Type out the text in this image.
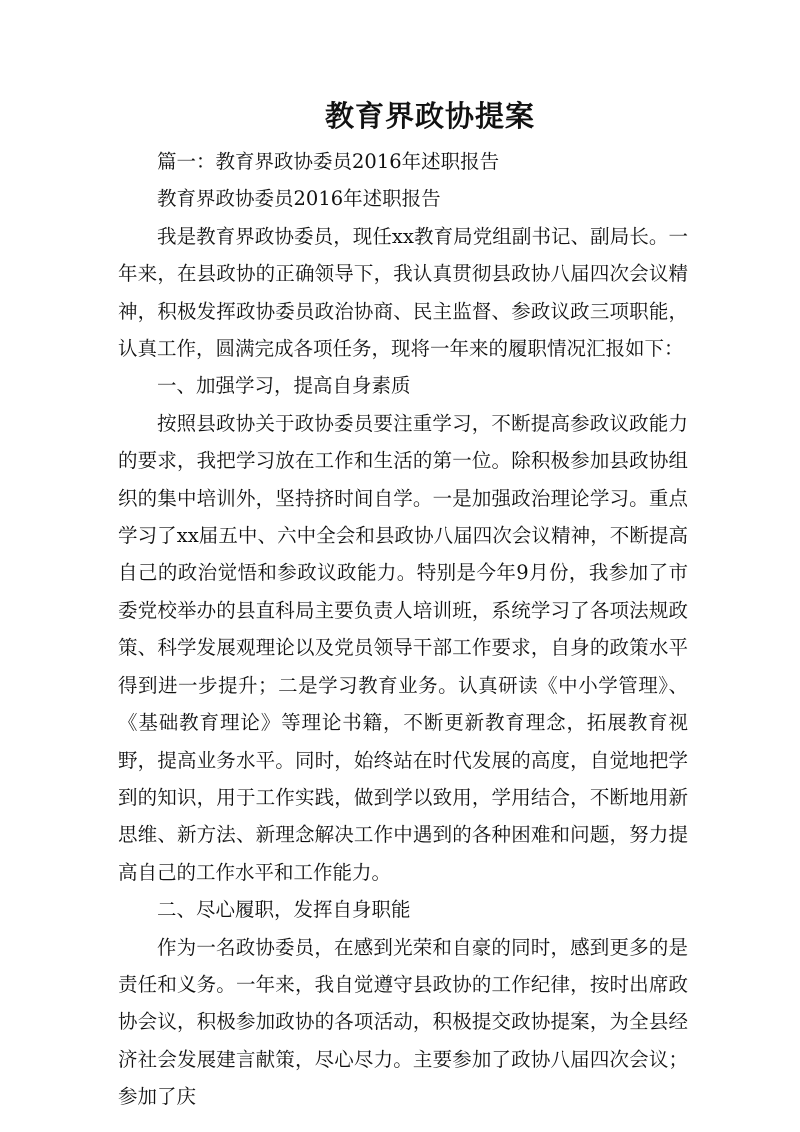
教育界政协提案

篇一：教育界政协委员2016年述职报告

教育界政协委员2016年述职报告

我是教育界政协委员，现任xx教育局党组副书记、副局长。一年来，在县政协的正确领导下，我认真贯彻县政协八届四次会议精神，积极发挥政协委员政治协商、民主监督、参政议政三项职能，认真工作，圆满完成各项任务，现将一年来的履职情况汇报如下：

一、加强学习，提高自身素质

按照县政协关于政协委员要注重学习，不断提高参政议政能力的要求，我把学习放在工作和生活的第一位。除积极参加县政协组织的集中培训外，坚持挤时间自学。一是加强政治理论学习。重点学习了xx届五中、六中全会和县政协八届四次会议精神，不断提高自己的政治觉悟和参政议政能力。特别是今年9月份，我参加了市委党校举办的县直科局主要负责人培训班，系统学习了各项法规政策、科学发展观理论以及党员领导干部工作要求，自身的政策水平得到进一步提升；二是学习教育业务。认真研读《中小学管理》、《基础教育理论》等理论书籍，不断更新教育理念，拓展教育视野，提高业务水平。同时，始终站在时代发展的高度，自觉地把学到的知识，用于工作实践，做到学以致用，学用结合，不断地用新思维、新方法、新理念解决工作中遇到的各种困难和问题，努力提高自己的工作水平和工作能力。

二、尽心履职，发挥自身职能

作为一名政协委员，在感到光荣和自豪的同时，感到更多的是责任和义务。一年来，我自觉遵守县政协的工作纪律，按时出席政协会议，积极参加政协的各项活动，积极提交政协提案，为全县经济社会发展建言献策，尽心尽力。主要参加了政协八届四次会议；参加了庆
